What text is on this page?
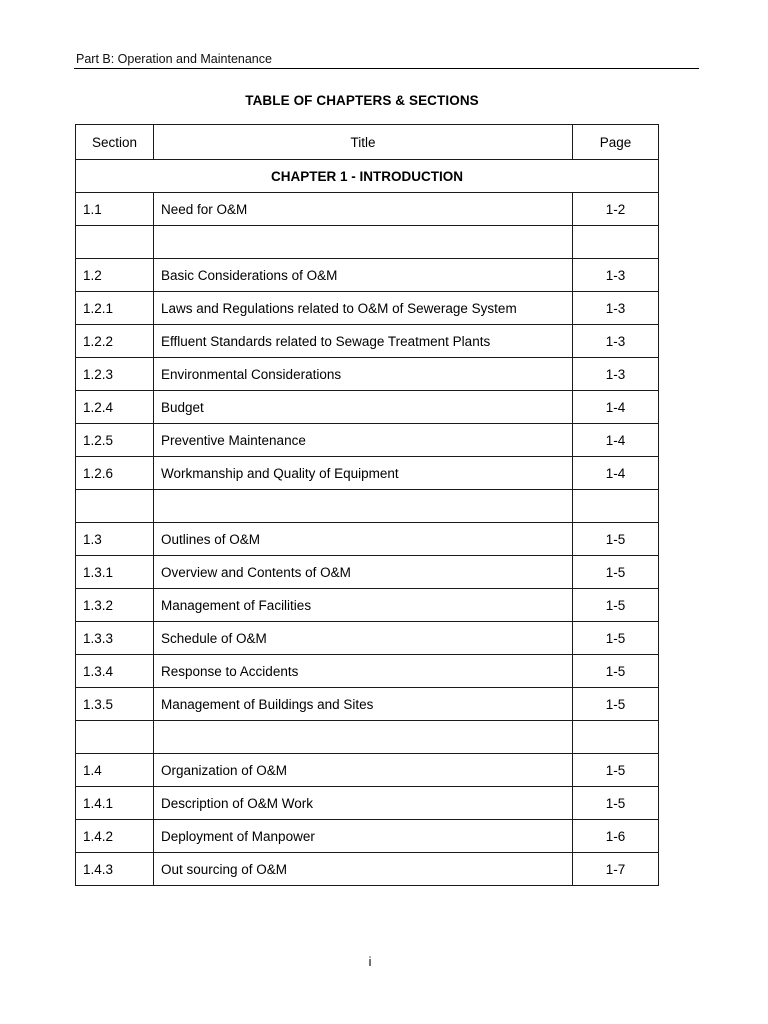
Part B: Operation and Maintenance
TABLE OF CHAPTERS & SECTIONS
Section	Title	Page
CHAPTER 1 - INTRODUCTION		
1.1	Need for O&M	1-2

1.2	Basic Considerations of O&M	1-3
1.2.1	Laws and Regulations related to O&M of Sewerage System	1-3
1.2.2	Effluent Standards related to Sewage Treatment Plants	1-3
1.2.3	Environmental Considerations	1-3
1.2.4	Budget	1-4
1.2.5	Preventive Maintenance	1-4
1.2.6	Workmanship and Quality of Equipment	1-4

1.3	Outlines of O&M	1-5
1.3.1	Overview and Contents of O&M	1-5
1.3.2	Management of Facilities	1-5
1.3.3	Schedule of O&M	1-5
1.3.4	Response to Accidents	1-5
1.3.5	Management of Buildings and Sites	1-5

1.4	Organization of O&M	1-5
1.4.1	Description of O&M Work	1-5
1.4.2	Deployment of Manpower	1-6
1.4.3	Out sourcing of O&M	1-7
i
